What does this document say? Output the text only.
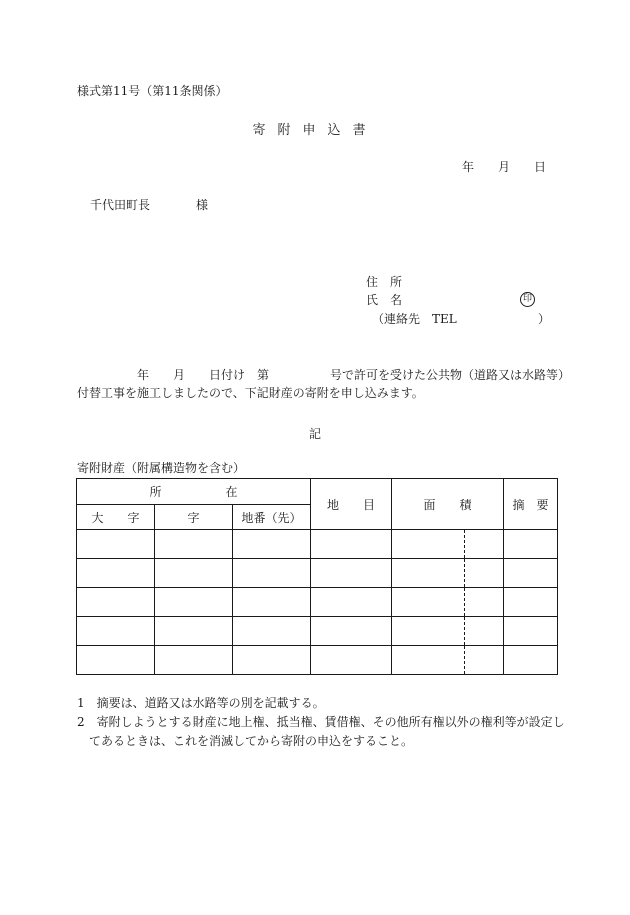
様式第11号（第11条関係）
寄附申込書
年 月 日
千代田町長	様
住　所
氏　名	印
（連絡先　TEL	）
年 月 日付け　第	号で許可を受けた公共物（道路又は水路等）
付替工事を施工しましたので、下記財産の寄附を申し込みます。
記
寄附財産（附属構造物を含む）
所 在			地　　目	面　　積	摘　要
大　　字	字	地番（先）			

1　摘要は、道路又は水路等の別を記載する。
2　寄附しようとする財産に地上権、抵当権、賃借権、その他所有権以外の権利等が設定し
　てあるときは、これを消滅してから寄附の申込をすること。
